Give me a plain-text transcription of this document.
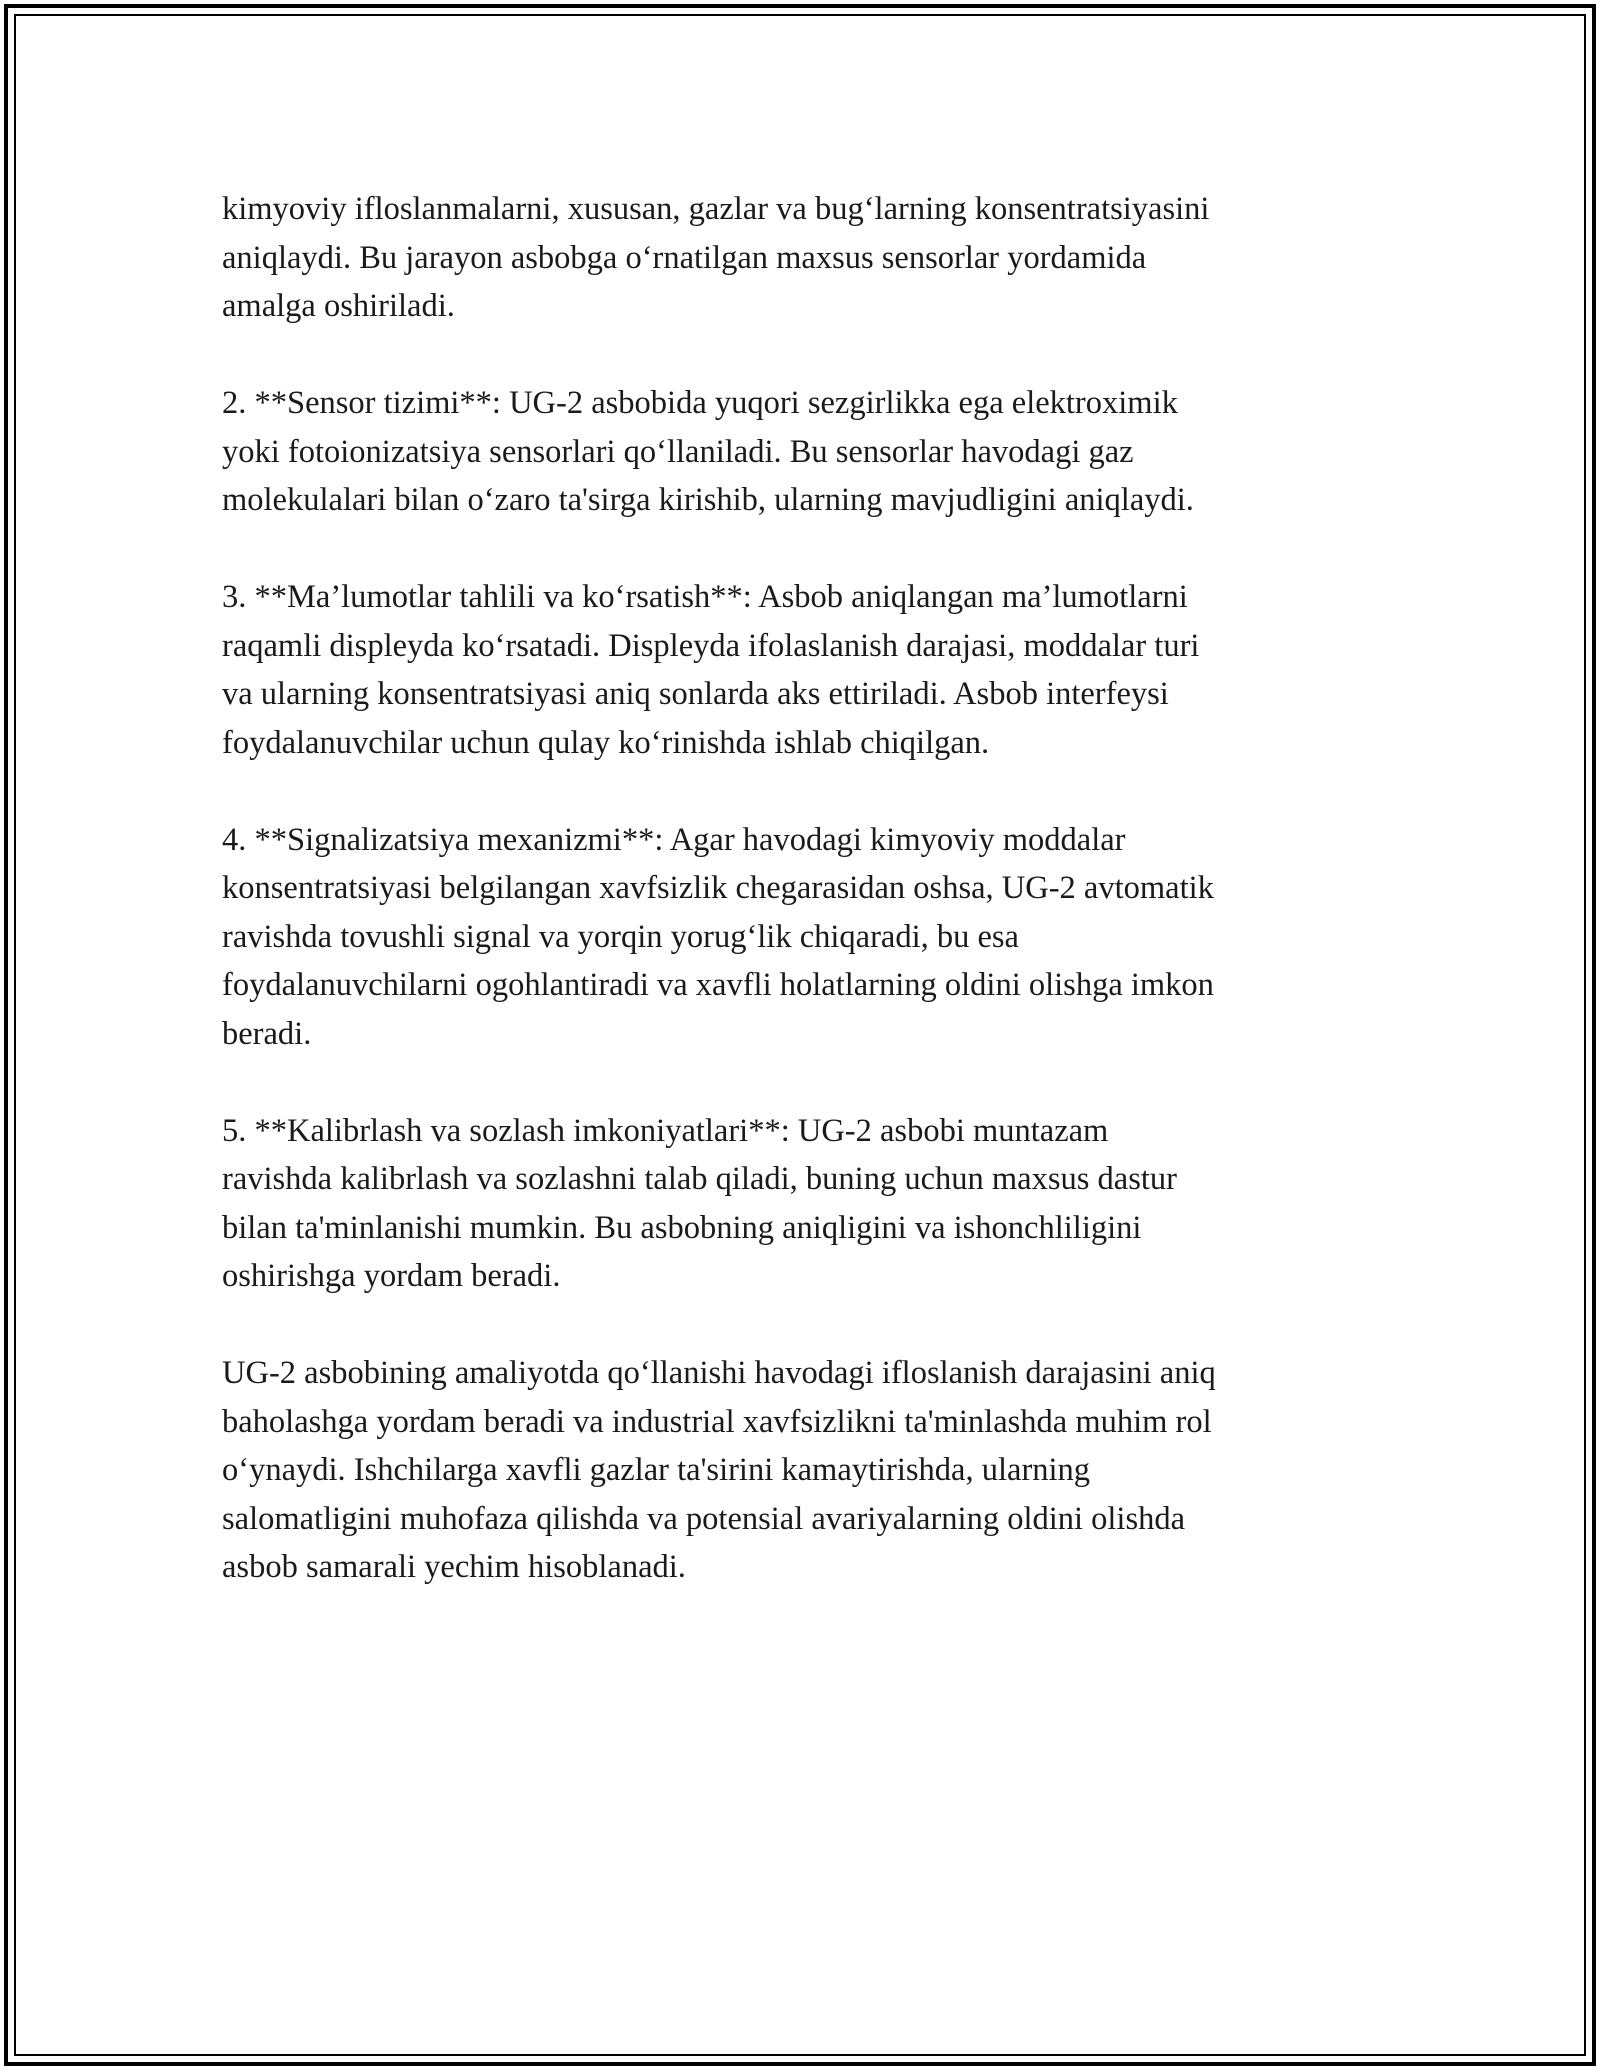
kimyoviy ifloslanmalarni, xususan, gazlar va bug‘larning konsentratsiyasini
aniqlaydi. Bu jarayon asbobga o‘rnatilgan maxsus sensorlar yordamida
amalga oshiriladi.

2. **Sensor tizimi**: UG-2 asbobida yuqori sezgirlikka ega elektroximik
yoki fotoionizatsiya sensorlari qo‘llaniladi. Bu sensorlar havodagi gaz
molekulalari bilan o‘zaro ta'sirga kirishib, ularning mavjudligini aniqlaydi.

3. **Ma’lumotlar tahlili va ko‘rsatish**: Asbob aniqlangan ma’lumotlarni
raqamli displeyda ko‘rsatadi. Displeyda ifolaslanish darajasi, moddalar turi
va ularning konsentratsiyasi aniq sonlarda aks ettiriladi. Asbob interfeysi
foydalanuvchilar uchun qulay ko‘rinishda ishlab chiqilgan.

4. **Signalizatsiya mexanizmi**: Agar havodagi kimyoviy moddalar
konsentratsiyasi belgilangan xavfsizlik chegarasidan oshsa, UG-2 avtomatik
ravishda tovushli signal va yorqin yorug‘lik chiqaradi, bu esa
foydalanuvchilarni ogohlantiradi va xavfli holatlarning oldini olishga imkon
beradi.

5. **Kalibrlash va sozlash imkoniyatlari**: UG-2 asbobi muntazam
ravishda kalibrlash va sozlashni talab qiladi, buning uchun maxsus dastur
bilan ta'minlanishi mumkin. Bu asbobning aniqligini va ishonchliligini
oshirishga yordam beradi.

UG-2 asbobining amaliyotda qo‘llanishi havodagi ifloslanish darajasini aniq
baholashga yordam beradi va industrial xavfsizlikni ta'minlashda muhim rol
o‘ynaydi. Ishchilarga xavfli gazlar ta'sirini kamaytirishda, ularning
salomatligini muhofaza qilishda va potensial avariyalarning oldini olishda
asbob samarali yechim hisoblanadi.
